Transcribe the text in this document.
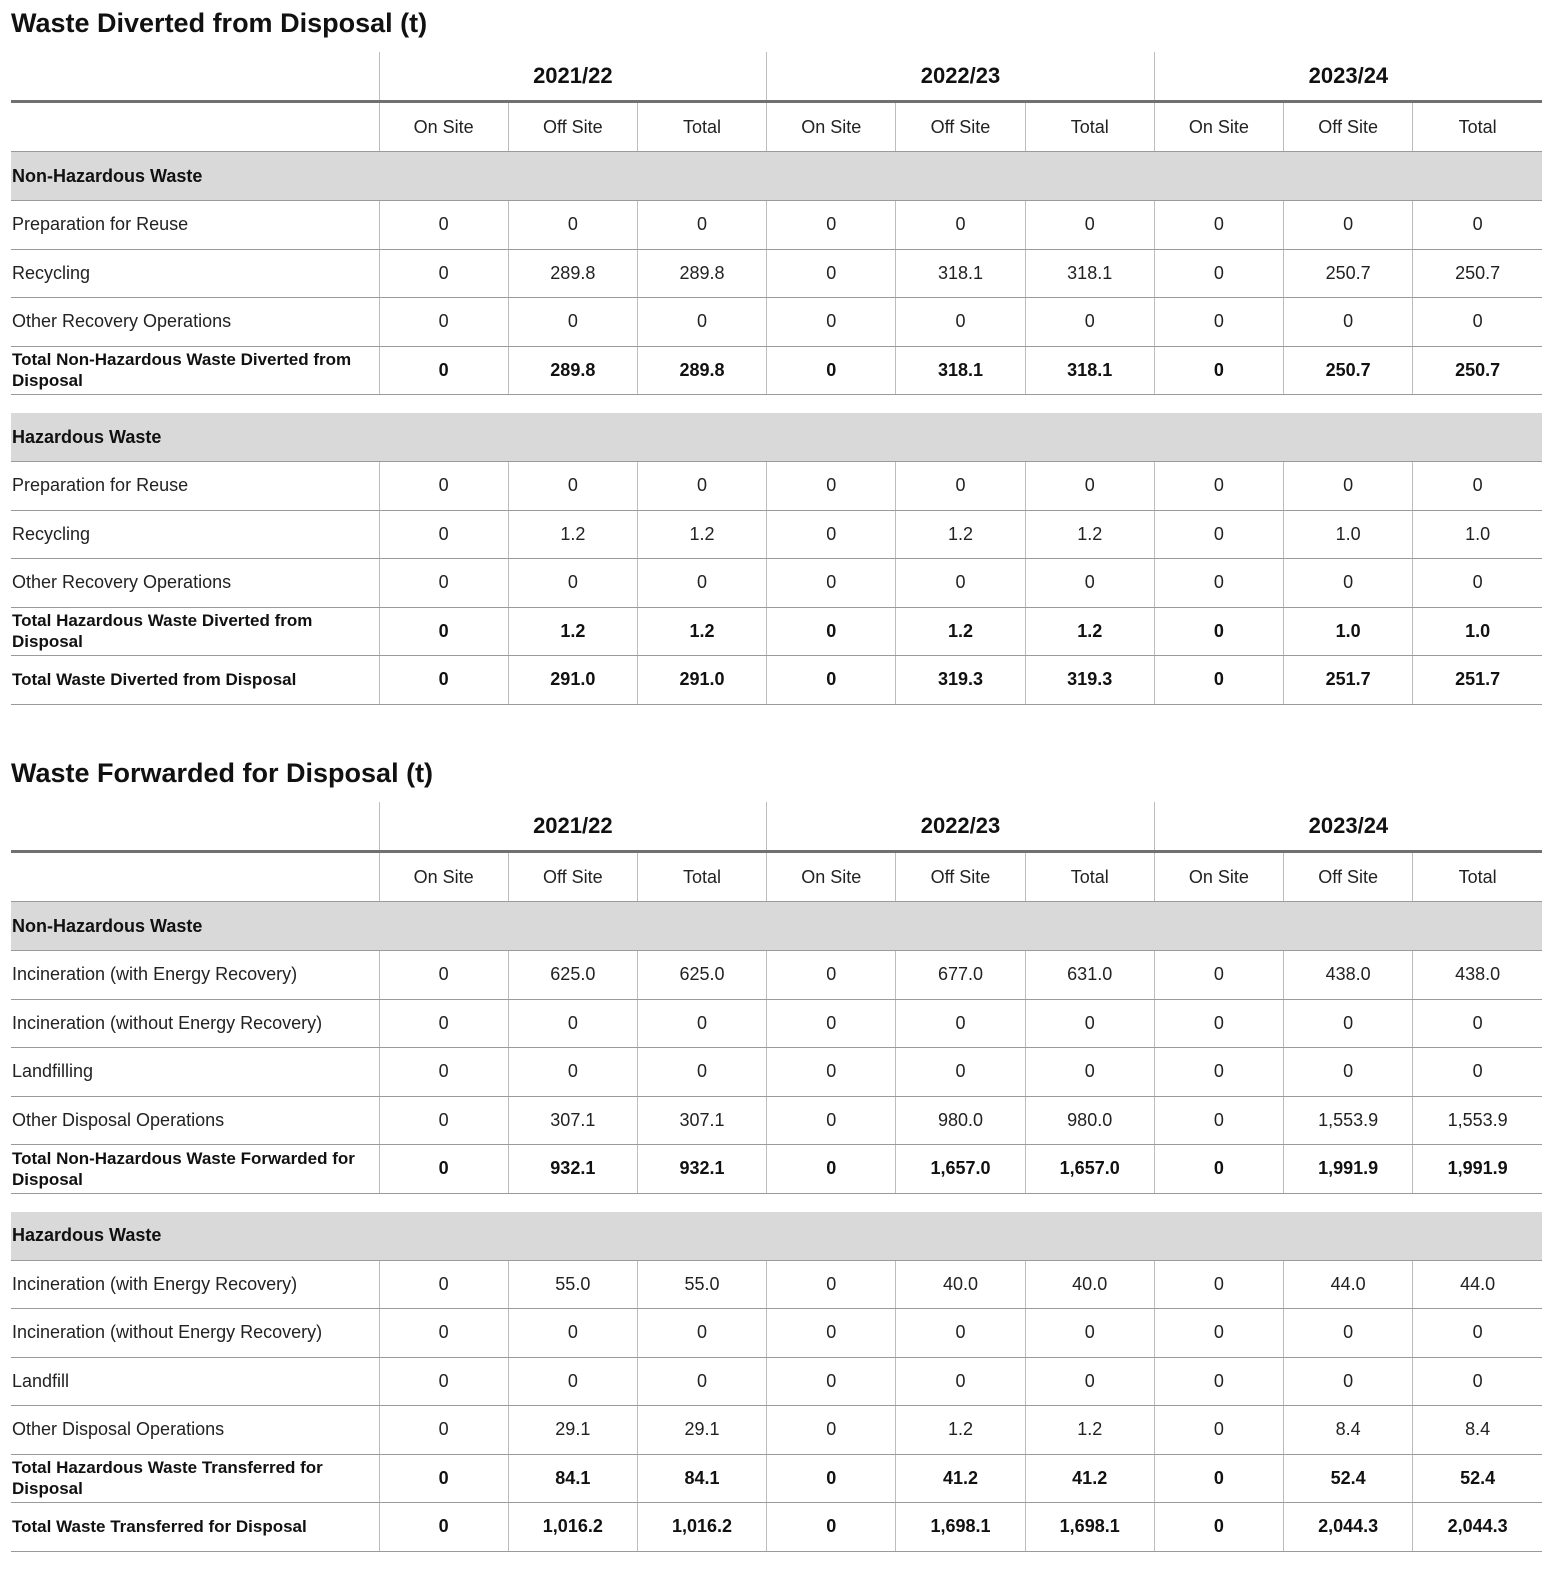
Waste Diverted from Disposal (t)
	2021/22			2022/23			2023/24		
	On Site	Off Site	Total	On Site	Off Site	Total	On Site	Off Site	Total
Non-Hazardous Waste									
Preparation for Reuse	0	0	0	0	0	0	0	0	0
Recycling	0	289.8	289.8	0	318.1	318.1	0	250.7	250.7
Other Recovery Operations	0	0	0	0	0	0	0	0	0
Total Non-Hazardous Waste Diverted from Disposal	0	289.8	289.8	0	318.1	318.1	0	250.7	250.7

Hazardous Waste									
Preparation for Reuse	0	0	0	0	0	0	0	0	0
Recycling	0	1.2	1.2	0	1.2	1.2	0	1.0	1.0
Other Recovery Operations	0	0	0	0	0	0	0	0	0
Total Hazardous Waste Diverted from Disposal	0	1.2	1.2	0	1.2	1.2	0	1.0	1.0
Total Waste Diverted from Disposal	0	291.0	291.0	0	319.3	319.3	0	251.7	251.7
Waste Forwarded for Disposal (t)
	2021/22			2022/23			2023/24		
	On Site	Off Site	Total	On Site	Off Site	Total	On Site	Off Site	Total
Non-Hazardous Waste									
Incineration (with Energy Recovery)	0	625.0	625.0	0	677.0	631.0	0	438.0	438.0
Incineration (without Energy Recovery)	0	0	0	0	0	0	0	0	0
Landfilling	0	0	0	0	0	0	0	0	0
Other Disposal Operations	0	307.1	307.1	0	980.0	980.0	0	1,553.9	1,553.9
Total Non-Hazardous Waste Forwarded for Disposal	0	932.1	932.1	0	1,657.0	1,657.0	0	1,991.9	1,991.9

Hazardous Waste									
Incineration (with Energy Recovery)	0	55.0	55.0	0	40.0	40.0	0	44.0	44.0
Incineration (without Energy Recovery)	0	0	0	0	0	0	0	0	0
Landfill	0	0	0	0	0	0	0	0	0
Other Disposal Operations	0	29.1	29.1	0	1.2	1.2	0	8.4	8.4
Total Hazardous Waste Transferred for Disposal	0	84.1	84.1	0	41.2	41.2	0	52.4	52.4
Total Waste Transferred for Disposal	0	1,016.2	1,016.2	0	1,698.1	1,698.1	0	2,044.3	2,044.3
